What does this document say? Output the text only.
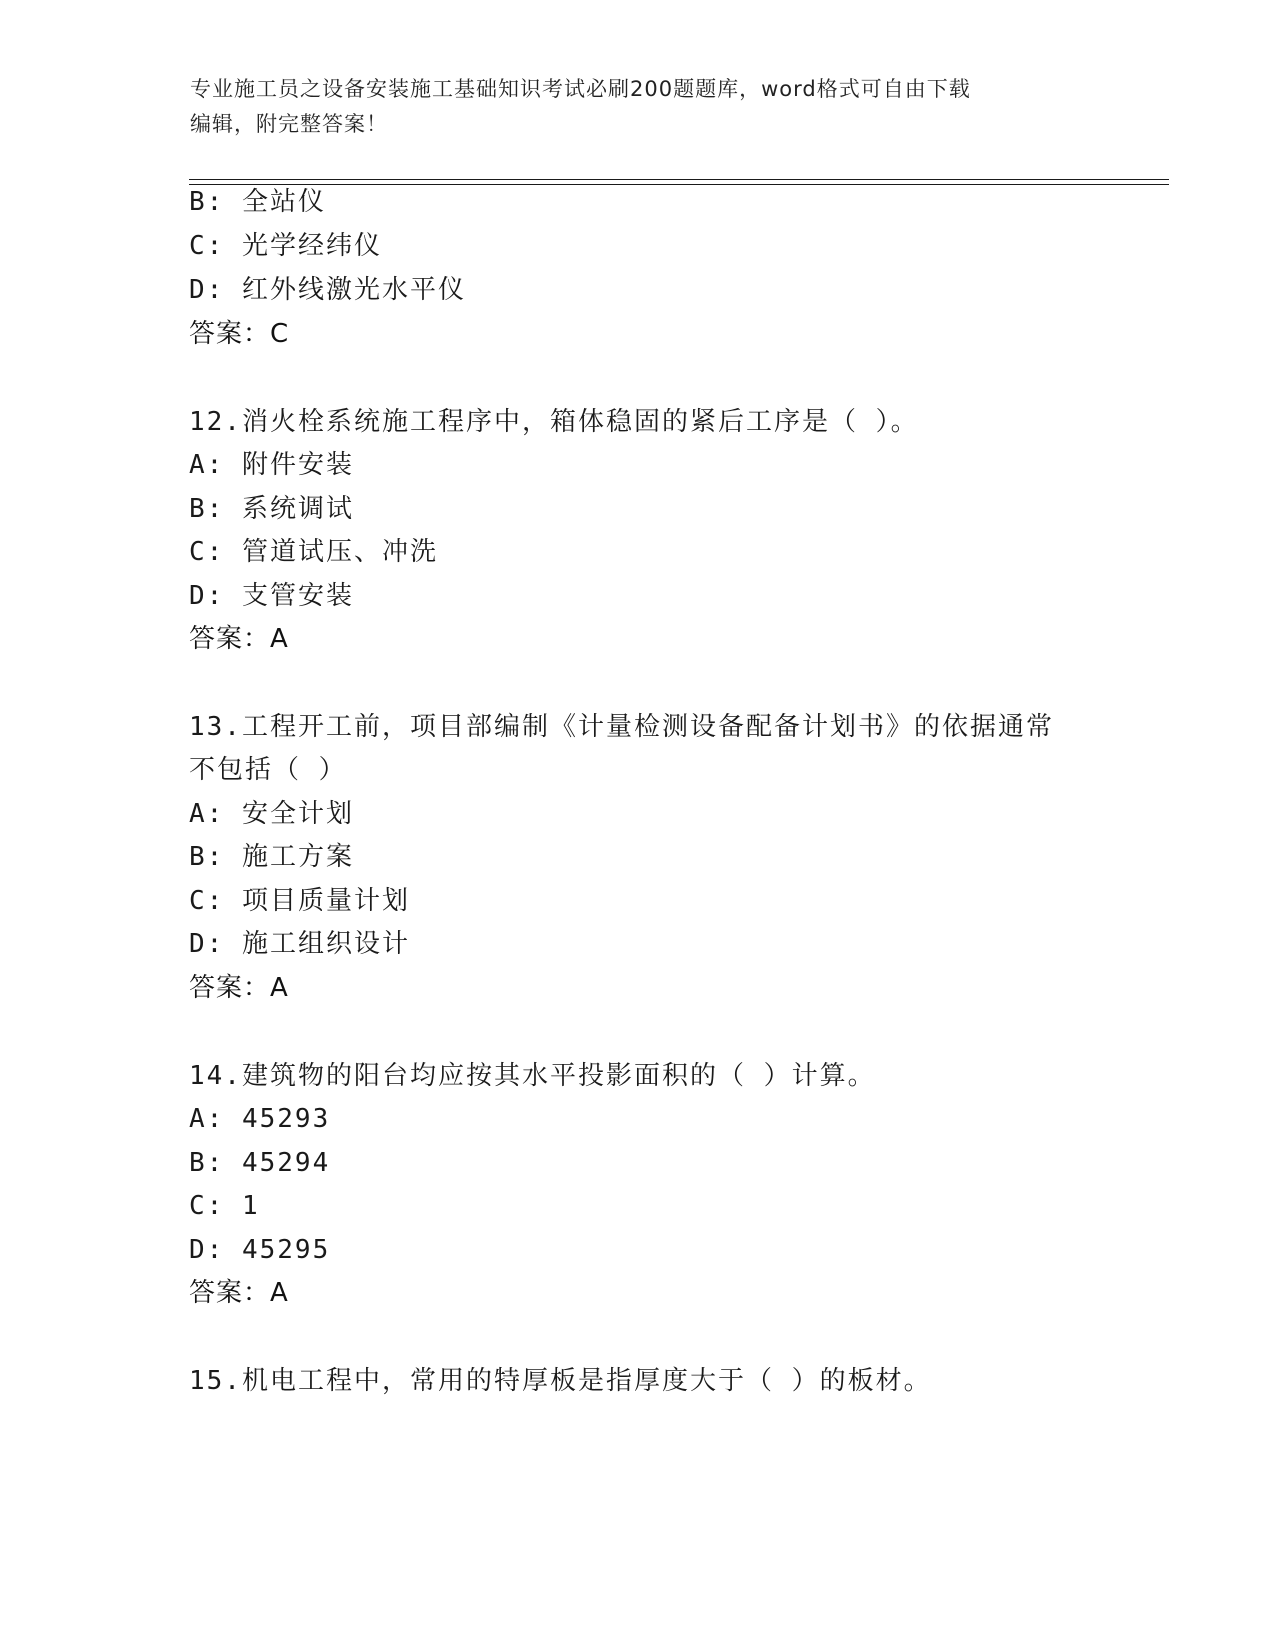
专业施工员之设备安装施工基础知识考试必刷200题题库，word格式可自由下载
编辑，附完整答案！
B: 全站仪
C: 光学经纬仪
D: 红外线激光水平仪
答案：C
12.消火栓系统施工程序中，箱体稳固的紧后工序是（ ）。
A: 附件安装
B: 系统调试
C: 管道试压、冲洗
D: 支管安装
答案：A
13.工程开工前，项目部编制《计量检测设备配备计划书》的依据通常
不包括（ ）
A: 安全计划
B: 施工方案
C: 项目质量计划
D: 施工组织设计
答案：A
14.建筑物的阳台均应按其水平投影面积的（ ）计算。
A: 45293
B: 45294
C: 1
D: 45295
答案：A
15.机电工程中，常用的特厚板是指厚度大于（ ）的板材。
